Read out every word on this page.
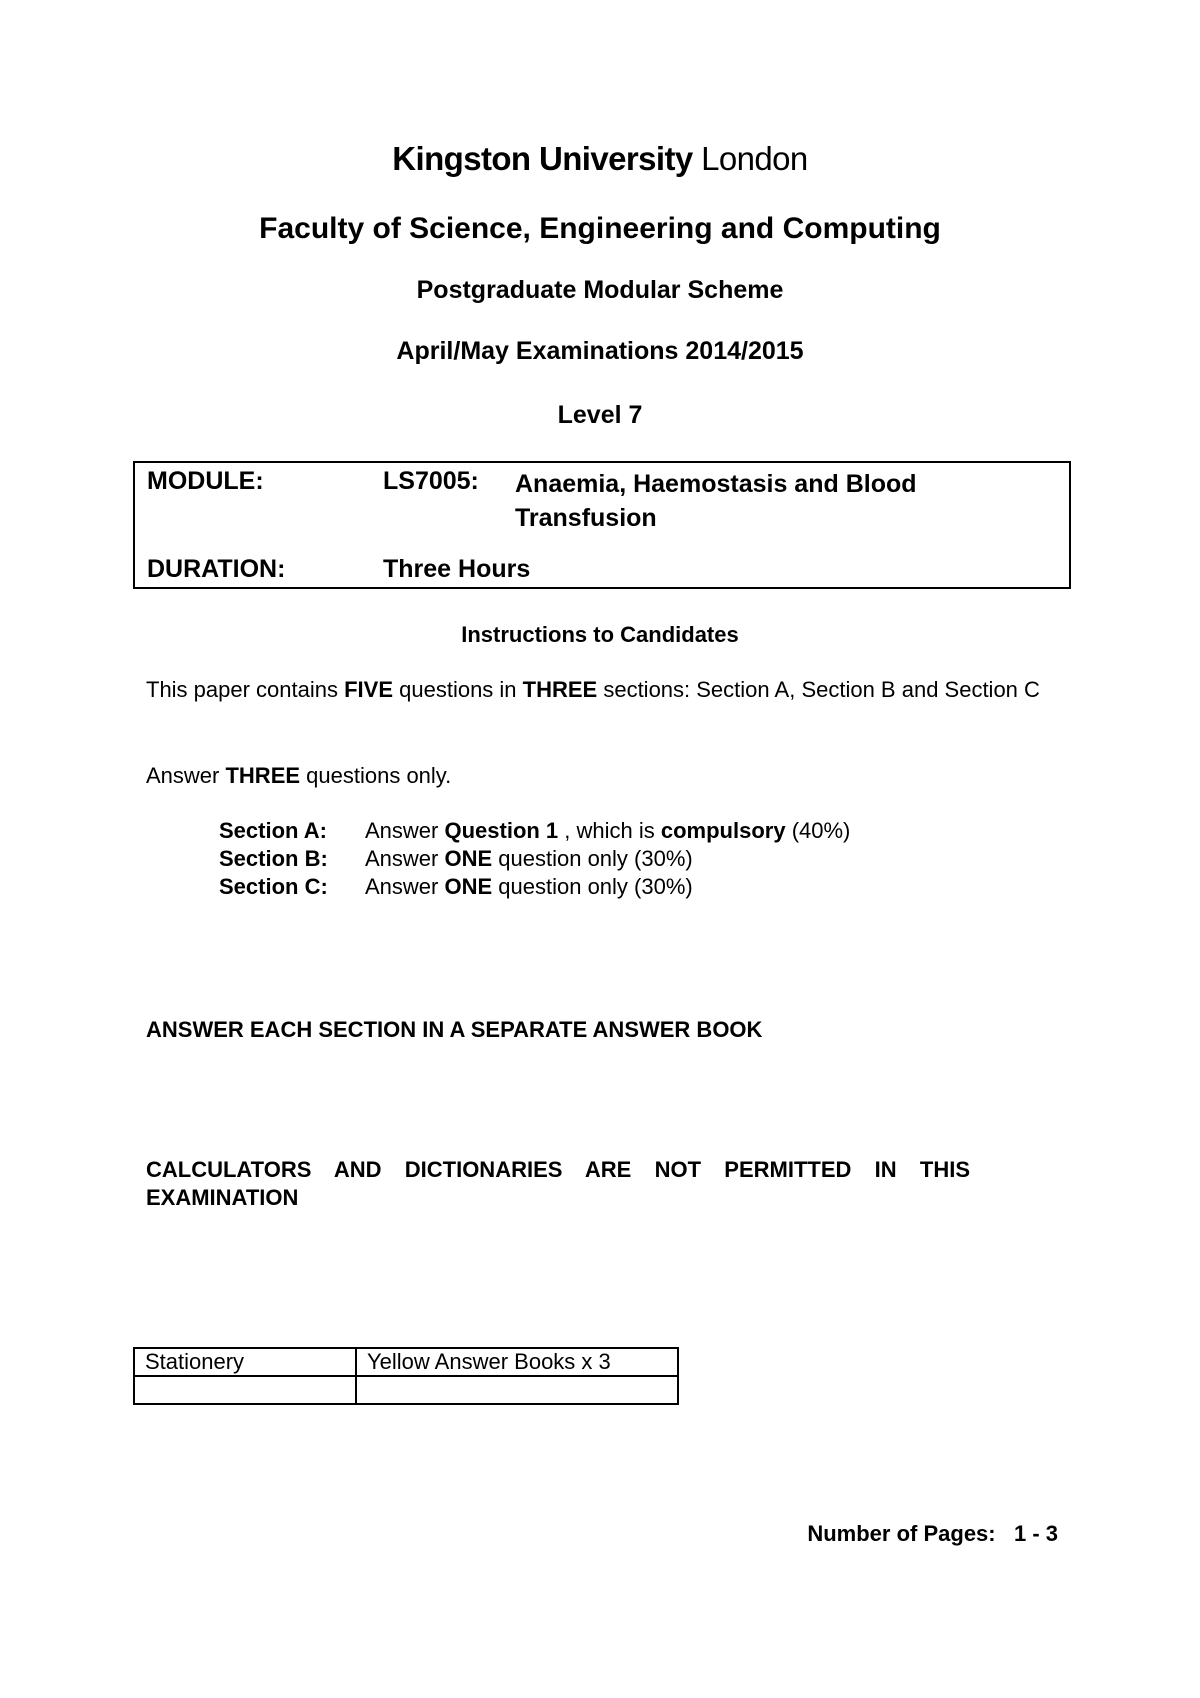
Kingston University London
Faculty of Science, Engineering and Computing
Postgraduate Modular Scheme
April/May Examinations 2014/2015
Level 7
MODULE:	LS7005: Anaemia, Haemostasis and Blood Transfusion
DURATION:	Three Hours
Instructions to Candidates
This paper contains FIVE questions in THREE sections: Section A, Section B and Section C
Answer THREE questions only.
Section A: Answer Question 1 , which is compulsory (40%)
Section B: Answer ONE question only (30%)
Section C: Answer ONE question only (30%)
ANSWER EACH SECTION IN A SEPARATE ANSWER BOOK
CALCULATORS AND DICTIONARIES ARE NOT PERMITTED IN THIS EXAMINATION
Stationery	Yellow Answer Books x 3

Number of Pages: 1 - 3
